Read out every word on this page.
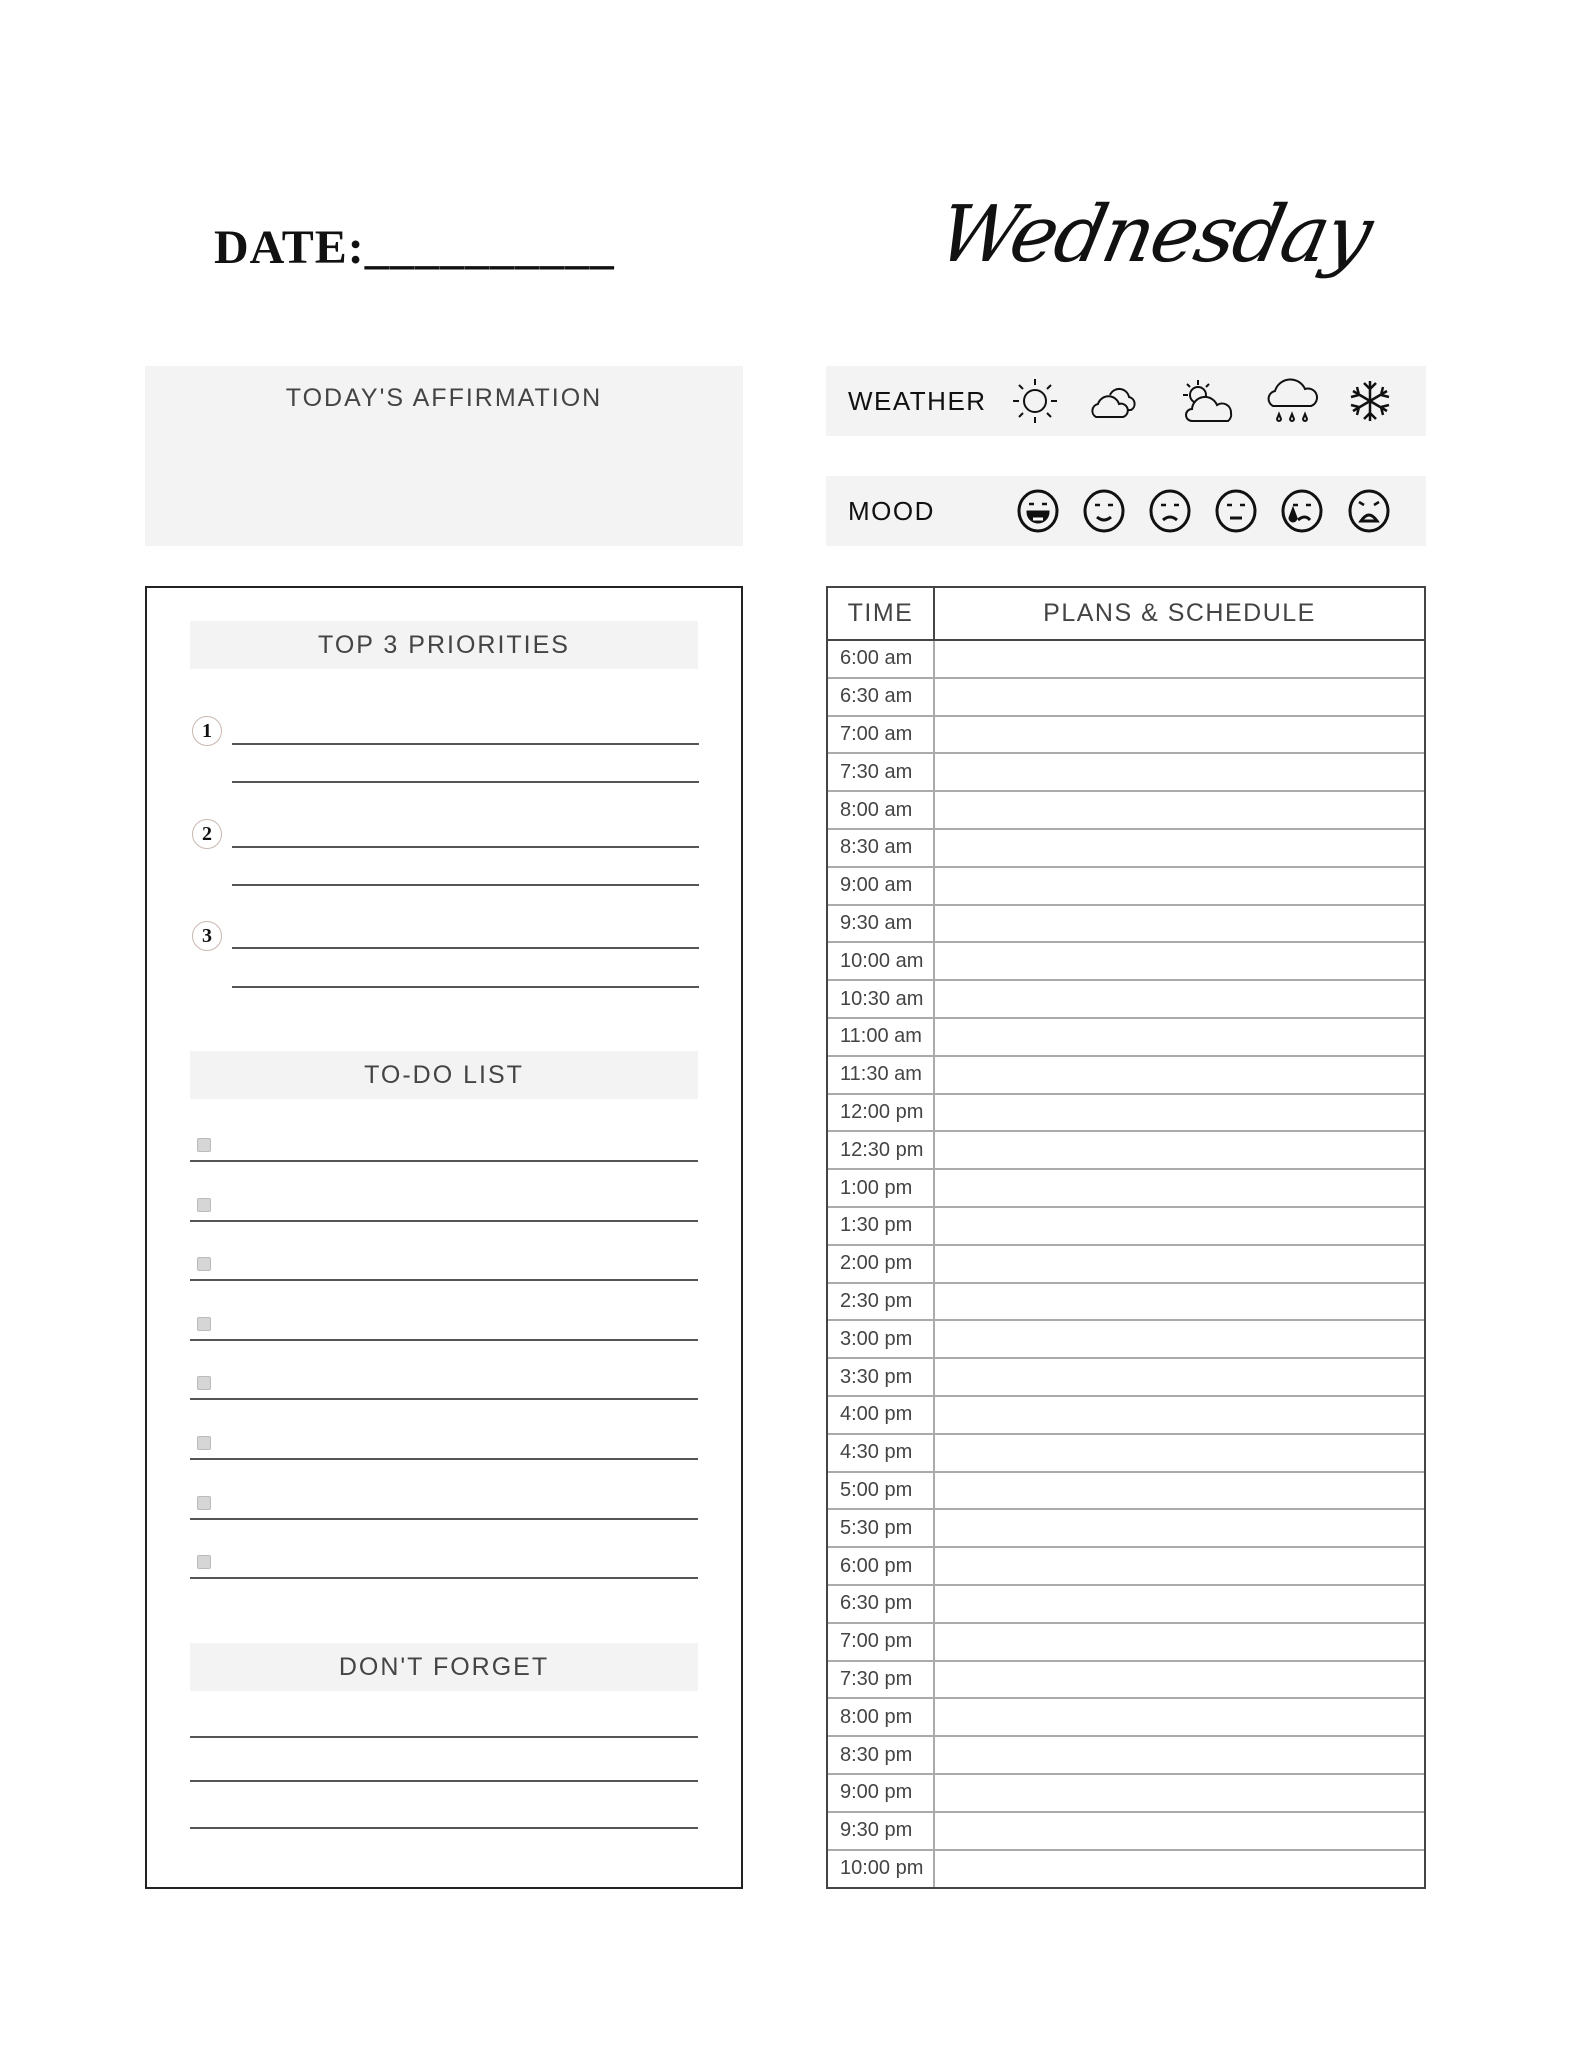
DATE:__________	Wednesday
TODAY'S AFFIRMATION	WEATHER
MOOD
TOP 3 PRIORITIES
1
2
3
TO-DO LIST
DON'T FORGET
TIME	PLANS & SCHEDULE
6:00 am	
6:30 am	
7:00 am	
7:30 am	
8:00 am	
8:30 am	
9:00 am	
9:30 am	
10:00 am	
10:30 am	
11:00 am	
11:30 am	
12:00 pm	
12:30 pm	
1:00 pm	
1:30 pm	
2:00 pm	
2:30 pm	
3:00 pm	
3:30 pm	
4:00 pm	
4:30 pm	
5:00 pm	
5:30 pm	
6:00 pm	
6:30 pm	
7:00 pm	
7:30 pm	
8:00 pm	
8:30 pm	
9:00 pm	
9:30 pm	
10:00 pm	
